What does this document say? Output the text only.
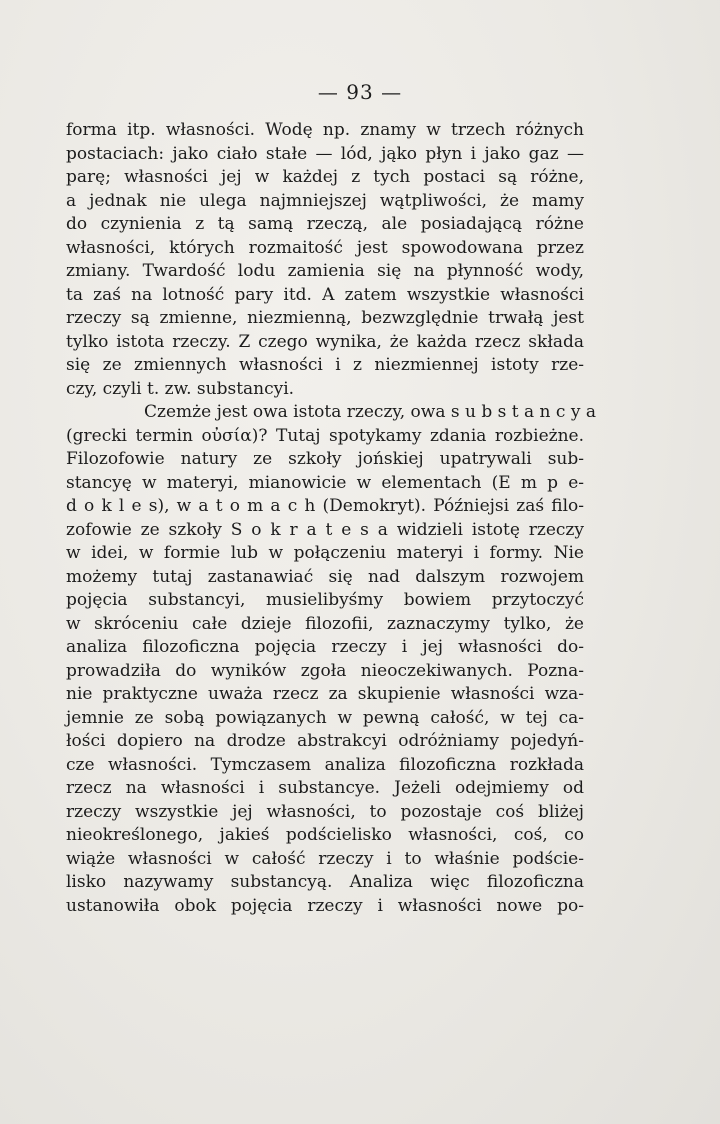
— 93 —
forma itp. własności. Wodę np. znamy w trzech różnych
postaciach: jako ciało stałe — lód, jąko płyn i jako gaz —
parę; własności jej w każdej z tych postaci są różne,
a jednak nie ulega najmniejszej wątpliwości, że mamy
do czynienia z tą samą rzeczą, ale posiadającą różne
własności, których rozmaitość jest spowodowana przez
zmiany. Twardość lodu zamienia się na płynność wody,
ta zaś na lotność pary itd. A zatem wszystkie własności
rzeczy są zmienne, niezmienną, bezwzględnie trwałą jest
tylko istota rzeczy. Z czego wynika, że każda rzecz składa
się ze zmiennych własności i z niezmiennej istoty rze-
czy, czyli t. zw. substancyi.
Czemże jest owa istota rzeczy, owa s u b s t a n c y a
(grecki termin οὐσία)? Tutaj spotykamy zdania rozbieżne.
Filozofowie natury ze szkoły jońskiej upatrywali sub-
stancyę w materyi, mianowicie w elementach (E m p e-
d o k l e s), w a t o m a c h (Demokryt). Późniejsi zaś filo-
zofowie ze szkoły S o k r a t e s a widzieli istotę rzeczy
w idei, w formie lub w połączeniu materyi i formy. Nie
możemy tutaj zastanawiać się nad dalszym rozwojem
pojęcia substancyi, musielibyśmy bowiem przytoczyć
w skróceniu całe dzieje filozofii, zaznaczymy tylko, że
analiza filozoficzna pojęcia rzeczy i jej własności do-
prowadziła do wyników zgoła nieoczekiwanych. Pozna-
nie praktyczne uważa rzecz za skupienie własności wza-
jemnie ze sobą powiązanych w pewną całość, w tej ca-
łości dopiero na drodze abstrakcyi odróżniamy pojedyń-
cze własności. Tymczasem analiza filozoficzna rozkłada
rzecz na własności i substancye. Jeżeli odejmiemy od
rzeczy wszystkie jej własności, to pozostaje coś bliżej
nieokreślonego, jakieś podścielisko własności, coś, co
wiąże własności w całość rzeczy i to właśnie podście-
lisko nazywamy substancyą. Analiza więc filozoficzna
ustanowiła obok pojęcia rzeczy i własności nowe po-
